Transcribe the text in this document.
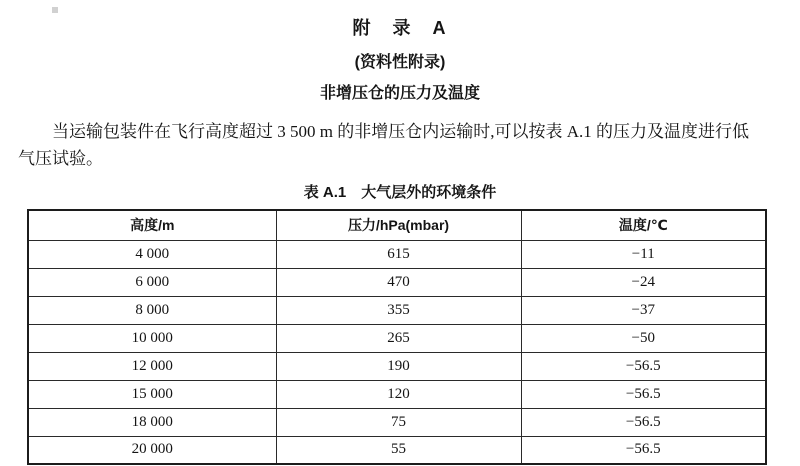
附　录　A
(资料性附录)
非增压仓的压力及温度
当运输包装件在飞行高度超过 3 500 m 的非增压仓内运输时,可以按表 A.1 的压力及温度进行低
气压试验。
表 A.1　大气层外的环境条件
高度/m	压力/hPa(mbar)	温度/℃
4 000	615	−11
6 000	470	−24
8 000	355	−37
10 000	265	−50
12 000	190	−56.5
15 000	120	−56.5
18 000	75	−56.5
20 000	55	−56.5
